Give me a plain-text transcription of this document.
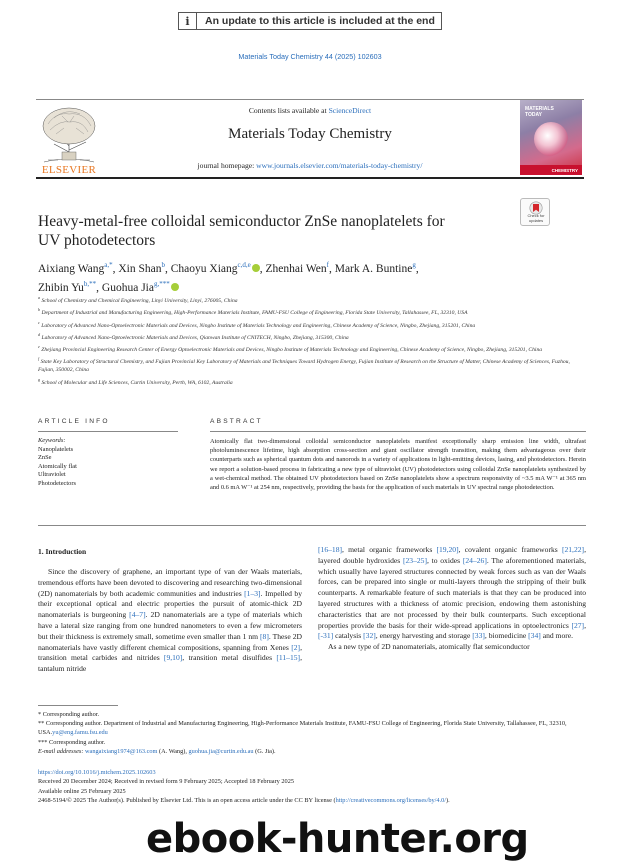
i	An update to this article is included at the end
Materials Today Chemistry 44 (2025) 102603
ELSEVIER
Contents lists available at ScienceDirect
Materials Today Chemistry
journal homepage: www.journals.elsevier.com/materials-today-chemistry/
MATERIALS
TODAY
CHEMISTRY
Check for
updates
Heavy-metal-free colloidal semiconductor ZnSe nanoplatelets for
UV photodetectors
Aixiang Wang$^{a,*}$, Xin Shan$^b$, Chaoyu Xiang$^{c,d,e}$ , Zhenhai Wen$^f$, Mark A. Buntine$^g$,
Zhibin $Yu^{b,**}$, Guohua Jia$^{g,***}$

$^a$ School of Chemistry and Chemical Engineering, Linyi University, Linyi, 276005, China

$^b$ Department of Industrial and Manufacturing Engineering, High-Performance Materials Institute, FAMU-FSU College of Engineering, Florida State University, Tallahassee, FL, 32310, USA

$^c$ Laboratory of Advanced Nano-Optoelectronic Materials and Devices, Ningbo Institute of Materials Technology and Engineering, Chinese Academy of Science, Ningbo, Zhejiang, 315201, China

$^d$ Laboratory of Advanced Nano-Optoelectronic Materials and Devices, Qianwan Institute of CNITECH, Ningbo, Zhejiang, 315300, China

$^e$ Zhejiang Provincial Engineering Research Center of Energy Optoelectronic Materials and Devices, Ningbo Institute of Materials Technology and Engineering, Chinese Academy of Science, Ningbo, Zhejiang, 315201, China

$^f$ State Key Laboratory of Structural Chemistry, and Fujian Provincial Key Laboratory of Materials and Techniques Toward Hydrogen Energy, Fujian Institute of Research on the Structure of Matter, Chinese Academy of Sciences, Fuzhou, Fujian, 350002, China

$^g$ School of Molecular and Life Sciences, Curtin University, Perth, WA, 6102, Australia

ARTICLE INFO
Keywords:
Nanoplatelets
ZnSe
Atomically flat
Ultraviolet
Photodetectors
ABSTRACT
Atomically flat two-dimensional colloidal semiconductor nanoplatelets manifest exceptionally sharp emission line width, ultrafast photoluminescence lifetime, high absorption cross-section and giant oscillator strength transition, making them advantageous over their counterparts such as spherical quantum dots and nanorods in a variety of applications in light-emitting devices, lasing, and photodetectors. Herein we report a solution-based process in fabricating a new type of ultraviolet (UV) photodetectors using colloidal ZnSe nanoplatelets synthesized by a wet-chemical method. The obtained UV photodetectors based on ZnSe nanoplatelets show a spectrum responsivity of ~3.5 mA W⁻¹ at 365 nm and 0.6 mA W⁻¹ at 254 nm, respectively, providing the basis for the application of such materials in UV spectral range photodetection.
1. Introduction
Since the discovery of graphene, an important type of van der Waals materials, tremendous efforts have been devoted to discovering and researching two-dimensional (2D) nanomaterials by both academic communities and industries [1–3]. Impelled by their exceptional optical and electric properties the pursuit of atomic-thick 2D nanomaterials is burgeoning [4–7]. 2D nanomaterials are a type of materials which have a lateral size ranging from one hundred nanometers to even a few micrometers but their thickness is extremely small, sometime even smaller than 1 nm [8]. These 2D nanomaterials have vastly different chemical compositions, spanning from Xenes [2], transition metal carbides and nitrides [9,10], transition metal disulfides [11–15], tantalum nitride
[16–18], metal organic frameworks [19,20], covalent organic frameworks [21,22], layered double hydroxides [23–25], to oxides [24–26]. The aforementioned materials, which usually have layered structures connected by weak forces such as van der Waals forces, can be prepared into single or multi-layers through the stripping of their bulk counterparts. A remarkable feature of such materials is that they can be produced into layered structures with a thickness of atomic precision, endowing them astonishing characteristics that are not processed by their bulk counterparts. Such exceptional properties provide the basis for their wide-spread applications in optoelectronics [27], [-31] catalysis [32], energy harvesting and storage [33], biomedicine [34] and more.
As a new type of 2D nanomaterials, atomically flat semiconductor
* Corresponding author.
** Corresponding author. Department of Industrial and Manufacturing Engineering, High-Performance Materials Institute, FAMU-FSU College of Engineering, Florida State University, Tallahassee, FL, 32310, USA.yu@eng.famu.fsu.edu
*** Corresponding author.
E-mail addresses: wangaixiang1974@163.com (A. Wang), guohua.jia@curtin.edu.au (G. Jia).
https://doi.org/10.1016/j.mtchem.2025.102603
Received 20 December 2024; Received in revised form 9 February 2025; Accepted 18 February 2025
Available online 25 February 2025
2468-5194/© 2025 The Author(s). Published by Elsevier Ltd. This is an open access article under the CC BY license (http://creativecommons.org/licenses/by/4.0/).
ebook-hunter.org
